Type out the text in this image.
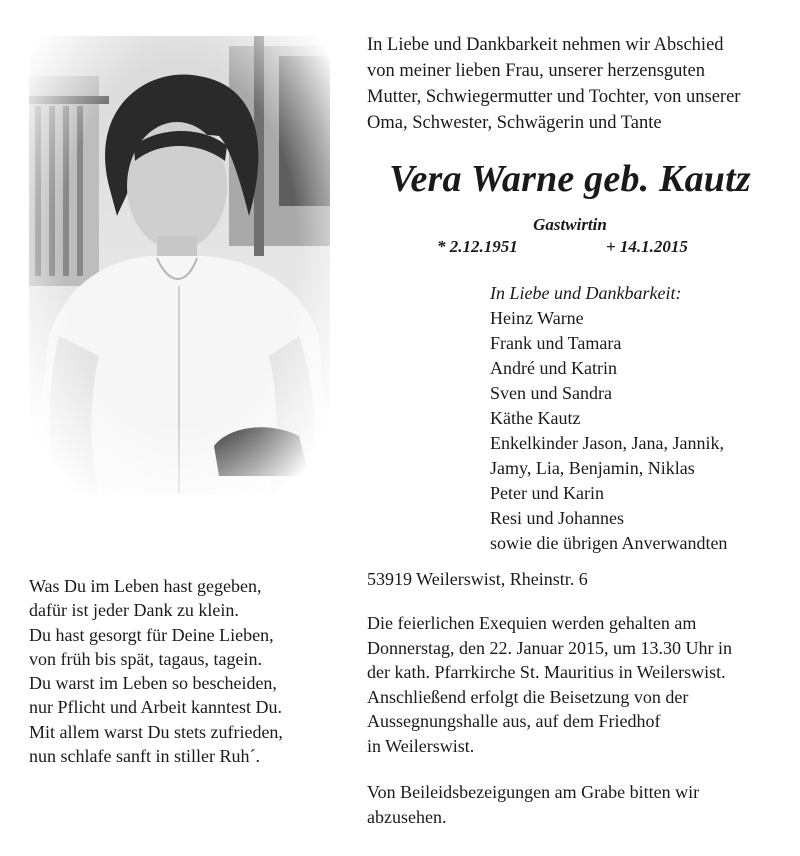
In Liebe und Dankbarkeit nehmen wir Abschied

von meiner lieben Frau, unserer herzensguten

Mutter, Schwiegermutter und Tochter, von unserer

Oma, Schwester, Schwägerin und Tante

Vera Warne geb. Kautz
Gastwirtin
* 2.12.1951	+ 14.1.2015
In Liebe und Dankbarkeit:
Heinz Warne
Frank und Tamara
André und Katrin
Sven und Sandra
Käthe Kautz
Enkelkinder Jason, Jana, Jannik,
Jamy, Lia, Benjamin, Niklas
Peter und Karin
Resi und Johannes
sowie die übrigen Anverwandten
Was Du im Leben hast gegeben,
dafür ist jeder Dank zu klein.
Du hast gesorgt für Deine Lieben,
von früh bis spät, tagaus, tagein.
Du warst im Leben so bescheiden,
nur Pflicht und Arbeit kanntest Du.
Mit allem warst Du stets zufrieden,
nun schlafe sanft in stiller Ruh´.
53919 Weilerswist, Rheinstr. 6
Die feierlichen Exequien werden gehalten am
Donnerstag, den 22. Januar 2015, um 13.30 Uhr in
der kath. Pfarrkirche St. Mauritius in Weilerswist.
Anschließend erfolgt die Beisetzung von der
Aussegnungshalle aus, auf dem Friedhof
in Weilerswist.
Von Beileidsbezeigungen am Grabe bitten wir
abzusehen.
